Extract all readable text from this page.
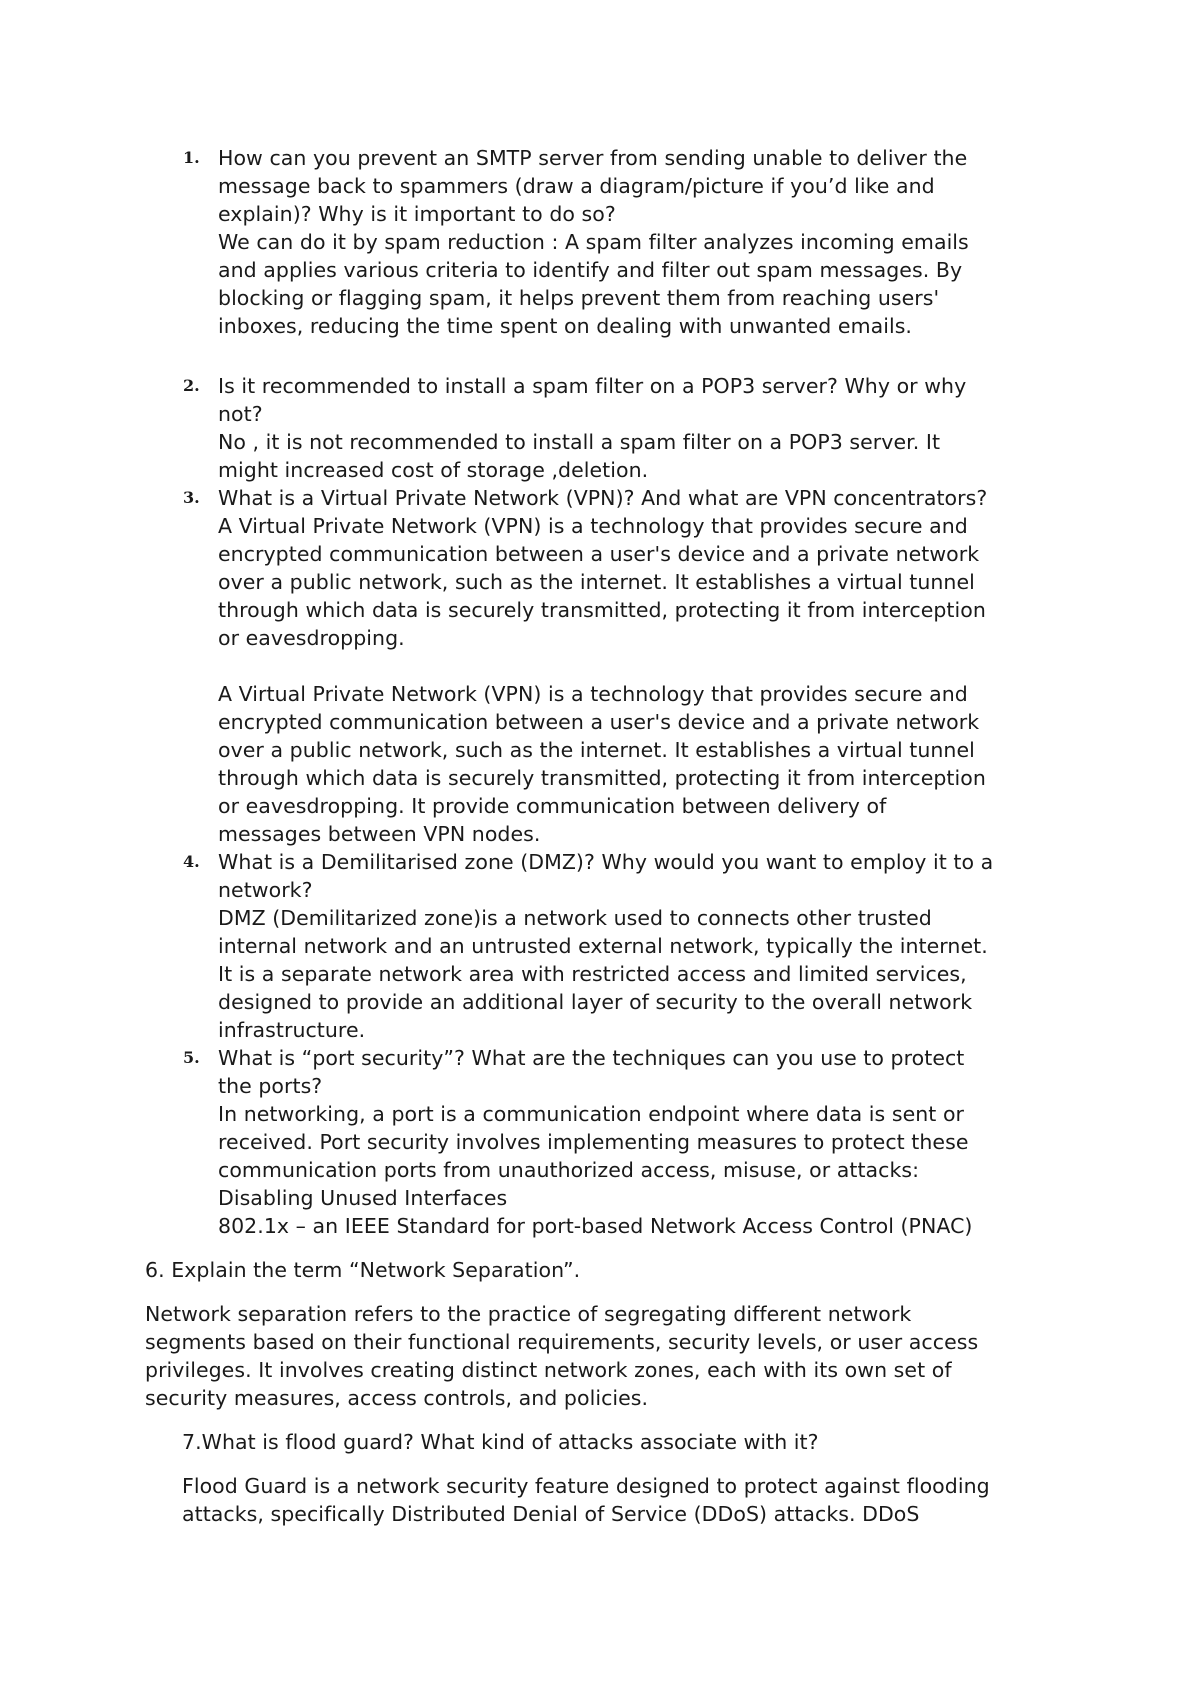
1. How can you prevent an SMTP server from sending unable to deliver the

message back to spammers (draw a diagram/picture if you’d like and

explain)? Why is it important to do so?

We can do it by spam reduction : A spam filter analyzes incoming emails

and applies various criteria to identify and filter out spam messages. By

blocking or flagging spam, it helps prevent them from reaching users'

inboxes, reducing the time spent on dealing with unwanted emails.

2. Is it recommended to install a spam filter on a POP3 server? Why or why

not?

No , it is not recommended to install a spam filter on a POP3 server. It

might increased cost of storage ,deletion.

3. What is a Virtual Private Network (VPN)? And what are VPN concentrators?

A Virtual Private Network (VPN) is a technology that provides secure and

encrypted communication between a user's device and a private network

over a public network, such as the internet. It establishes a virtual tunnel

through which data is securely transmitted, protecting it from interception

or eavesdropping.

A Virtual Private Network (VPN) is a technology that provides secure and

encrypted communication between a user's device and a private network

over a public network, such as the internet. It establishes a virtual tunnel

through which data is securely transmitted, protecting it from interception

or eavesdropping. It provide communication between delivery of

messages between VPN nodes.

4. What is a Demilitarised zone (DMZ)? Why would you want to employ it to a

network?

DMZ (Demilitarized zone)is a network used to connects other trusted

internal network and an untrusted external network, typically the internet.

It is a separate network area with restricted access and limited services,

designed to provide an additional layer of security to the overall network

infrastructure.

5. What is “port security”? What are the techniques can you use to protect

the ports?

In networking, a port is a communication endpoint where data is sent or

received. Port security involves implementing measures to protect these

communication ports from unauthorized access, misuse, or attacks:

Disabling Unused Interfaces

802.1x – an IEEE Standard for port-based Network Access Control (PNAC)

6. Explain the term “Network Separation”.

Network separation refers to the practice of segregating different network

segments based on their functional requirements, security levels, or user access

privileges. It involves creating distinct network zones, each with its own set of

security measures, access controls, and policies.

7.What is flood guard? What kind of attacks associate with it?

Flood Guard is a network security feature designed to protect against flooding

attacks, specifically Distributed Denial of Service (DDoS) attacks. DDoS
